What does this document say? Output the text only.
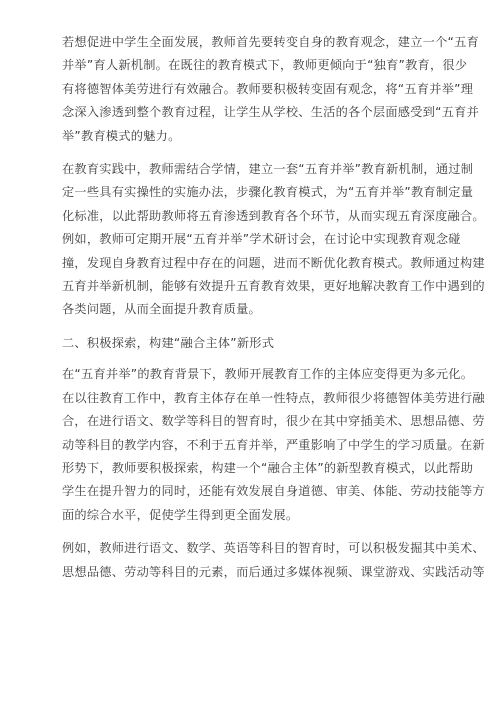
若想促进中学生全面发展，教师首先要转变自身的教育观念，建立一个“五育
并举”育人新机制。在既往的教育模式下，教师更倾向于“独育”教育，很少
有将德智体美劳进行有效融合。教师要积极转变固有观念，将“五育并举”理
念深入渗透到整个教育过程，让学生从学校、生活的各个层面感受到“五育并
举”教育模式的魅力。
在教育实践中，教师需结合学情，建立一套“五育并举”教育新机制，通过制
定一些具有实操性的实施办法，步骤化教育模式，为“五育并举”教育制定量
化标准，以此帮助教师将五育渗透到教育各个环节，从而实现五育深度融合。
例如，教师可定期开展“五育并举”学术研讨会，在讨论中实现教育观念碰
撞，发现自身教育过程中存在的问题，进而不断优化教育模式。教师通过构建
五育并举新机制，能够有效提升五育教育效果，更好地解决教育工作中遇到的
各类问题，从而全面提升教育质量。
二、积极探索，构建“融合主体”新形式
在“五育并举”的教育背景下，教师开展教育工作的主体应变得更为多元化。
在以往教育工作中，教育主体存在单一性特点，教师很少将德智体美劳进行融
合，在进行语文、数学等科目的智育时，很少在其中穿插美术、思想品德、劳
动等科目的教学内容，不利于五育并举，严重影响了中学生的学习质量。在新
形势下，教师要积极探索，构建一个“融合主体”的新型教育模式，以此帮助
学生在提升智力的同时，还能有效发展自身道德、审美、体能、劳动技能等方
面的综合水平，促使学生得到更全面发展。
例如，教师进行语文、数学、英语等科目的智育时，可以积极发掘其中美术、
思想品德、劳动等科目的元素，而后通过多媒体视频、课堂游戏、实践活动等
